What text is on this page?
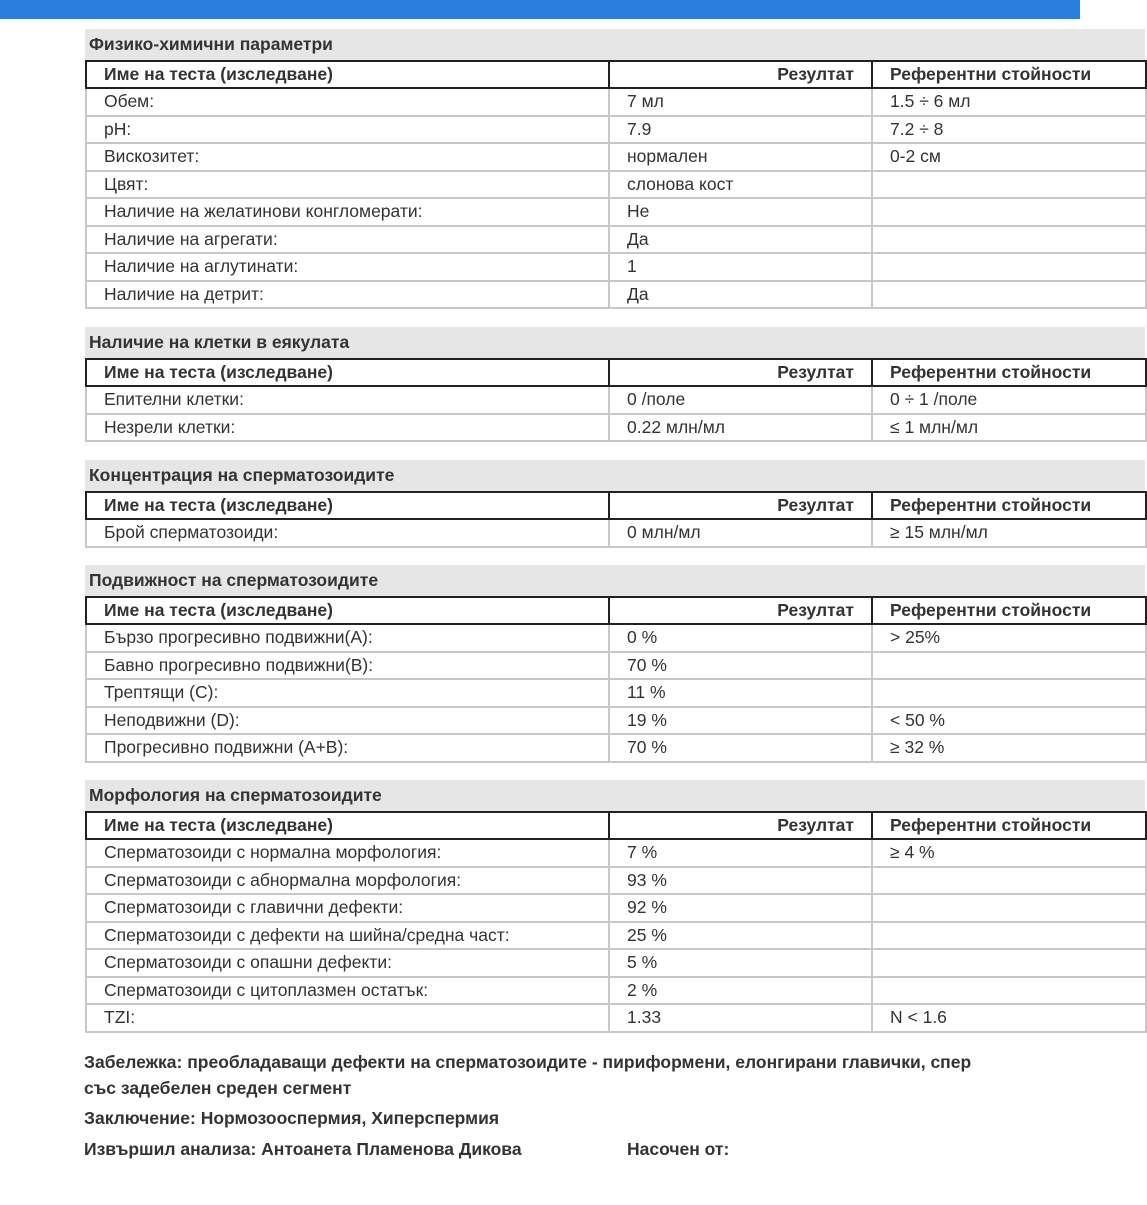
Физико-химични параметри
Име на теста (изследване)	Резултат	Референтни стойности
Обем:	7 мл	1.5 ÷ 6 мл
pH:	7.9	7.2 ÷ 8
Вискозитет:	нормален	0-2 см
Цвят:	слонова кост	
Наличие на желатинови конгломерати:	Не	
Наличие на агрегати:	Да	
Наличие на аглутинати:	1	
Наличие на детрит:	Да	
Наличие на клетки в еякулата
Име на теста (изследване)	Резултат	Референтни стойности
Епителни клетки:	0 /поле	0 ÷ 1 /поле
Незрели клетки:	0.22 млн/мл	≤ 1 млн/мл
Концентрация на сперматозоидите
Име на теста (изследване)	Резултат	Референтни стойности
Брой сперматозоиди:	0 млн/мл	≥ 15 млн/мл
Подвижност на сперматозоидите
Име на теста (изследване)	Резултат	Референтни стойности
Бързо прогресивно подвижни(A):	0 %	> 25%
Бавно прогресивно подвижни(B):	70 %	
Трептящи (C):	11 %	
Неподвижни (D):	19 %	< 50 %
Прогресивно подвижни (A+B):	70 %	≥ 32 %
Морфология на сперматозоидите
Име на теста (изследване)	Резултат	Референтни стойности
Сперматозоиди с нормална морфология:	7 %	≥ 4 %
Сперматозоиди с абнормална морфология:	93 %	
Сперматозоиди с главични дефекти:	92 %	
Сперматозоиди с дефекти на шийна/средна част:	25 %	
Сперматозоиди с опашни дефекти:	5 %	
Сперматозоиди с цитоплазмен остатък:	2 %	
TZI:	1.33	N < 1.6
Забележка: преобладаващи дефекти на сперматозоидите - пириформени, елонгирани главички, спер
със задебелен среден сегмент
Заключение: Нормозооспермия, Хиперспермия
Извършил анализа: Антоанета Пламенова Дикова	Насочен от:
